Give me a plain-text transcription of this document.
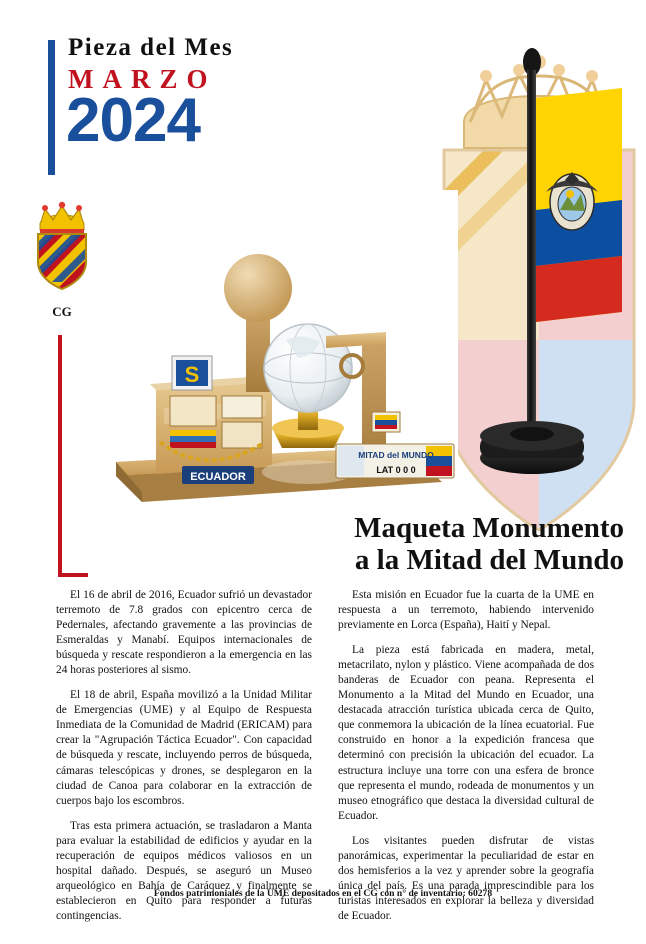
Pieza del Mes
MARZO
2024
CG
S
ECUADOR
MITAD del MUNDO
LAT 0 0 0
Maqueta Monumento
a la Mitad del Mundo

El 16 de abril de 2016, Ecuador sufrió un devastador terremoto de 7.8 grados con epicentro cerca de Pedernales, afectando gravemente a las provincias de Esmeraldas y Manabí. Equipos internacionales de búsqueda y rescate respondieron a la emergencia en las 24 horas posteriores al sismo.

El 18 de abril, España movilizó a la Unidad Militar de Emergencias (UME) y al Equipo de Respuesta Inmediata de la Comunidad de Madrid (ERICAM) para crear la "Agrupación Táctica Ecuador". Con capacidad de búsqueda y rescate, incluyendo perros de búsqueda, cámaras telescópicas y drones, se desplegaron en la ciudad de Canoa para colaborar en la extracción de cuerpos bajo los escombros.

Tras esta primera actuación, se trasladaron a Manta para evaluar la estabilidad de edificios y ayudar en la recuperación de equipos médicos valiosos en un hospital dañado. Después, se aseguró un Museo arqueológico en Bahía de Caráquez y finalmente se establecieron en Quito para responder a futuras contingencias.

Esta misión en Ecuador fue la cuarta de la UME en respuesta a un terremoto, habiendo intervenido previamente en Lorca (España), Haití y Nepal.

La pieza está fabricada en madera, metal, metacrilato, nylon y plástico. Viene acompañada de dos banderas de Ecuador con peana. Representa el Monumento a la Mitad del Mundo en Ecuador, una destacada atracción turística ubicada cerca de Quito, que conmemora la ubicación de la línea ecuatorial. Fue construido en honor a la expedición francesa que determinó con precisión la ubicación del ecuador. La estructura incluye una torre con una esfera de bronce que representa el mundo, rodeada de monumentos y un museo etnográfico que destaca la diversidad cultural de Ecuador.

Los visitantes pueden disfrutar de vistas panorámicas, experimentar la peculiaridad de estar en dos hemisferios a la vez y aprender sobre la geografía única del país. Es una parada imprescindible para los turistas interesados en explorar la belleza y diversidad de Ecuador.

Fondos patrimoniales de la UME depositados en el CG con n° de inventario: 60278
